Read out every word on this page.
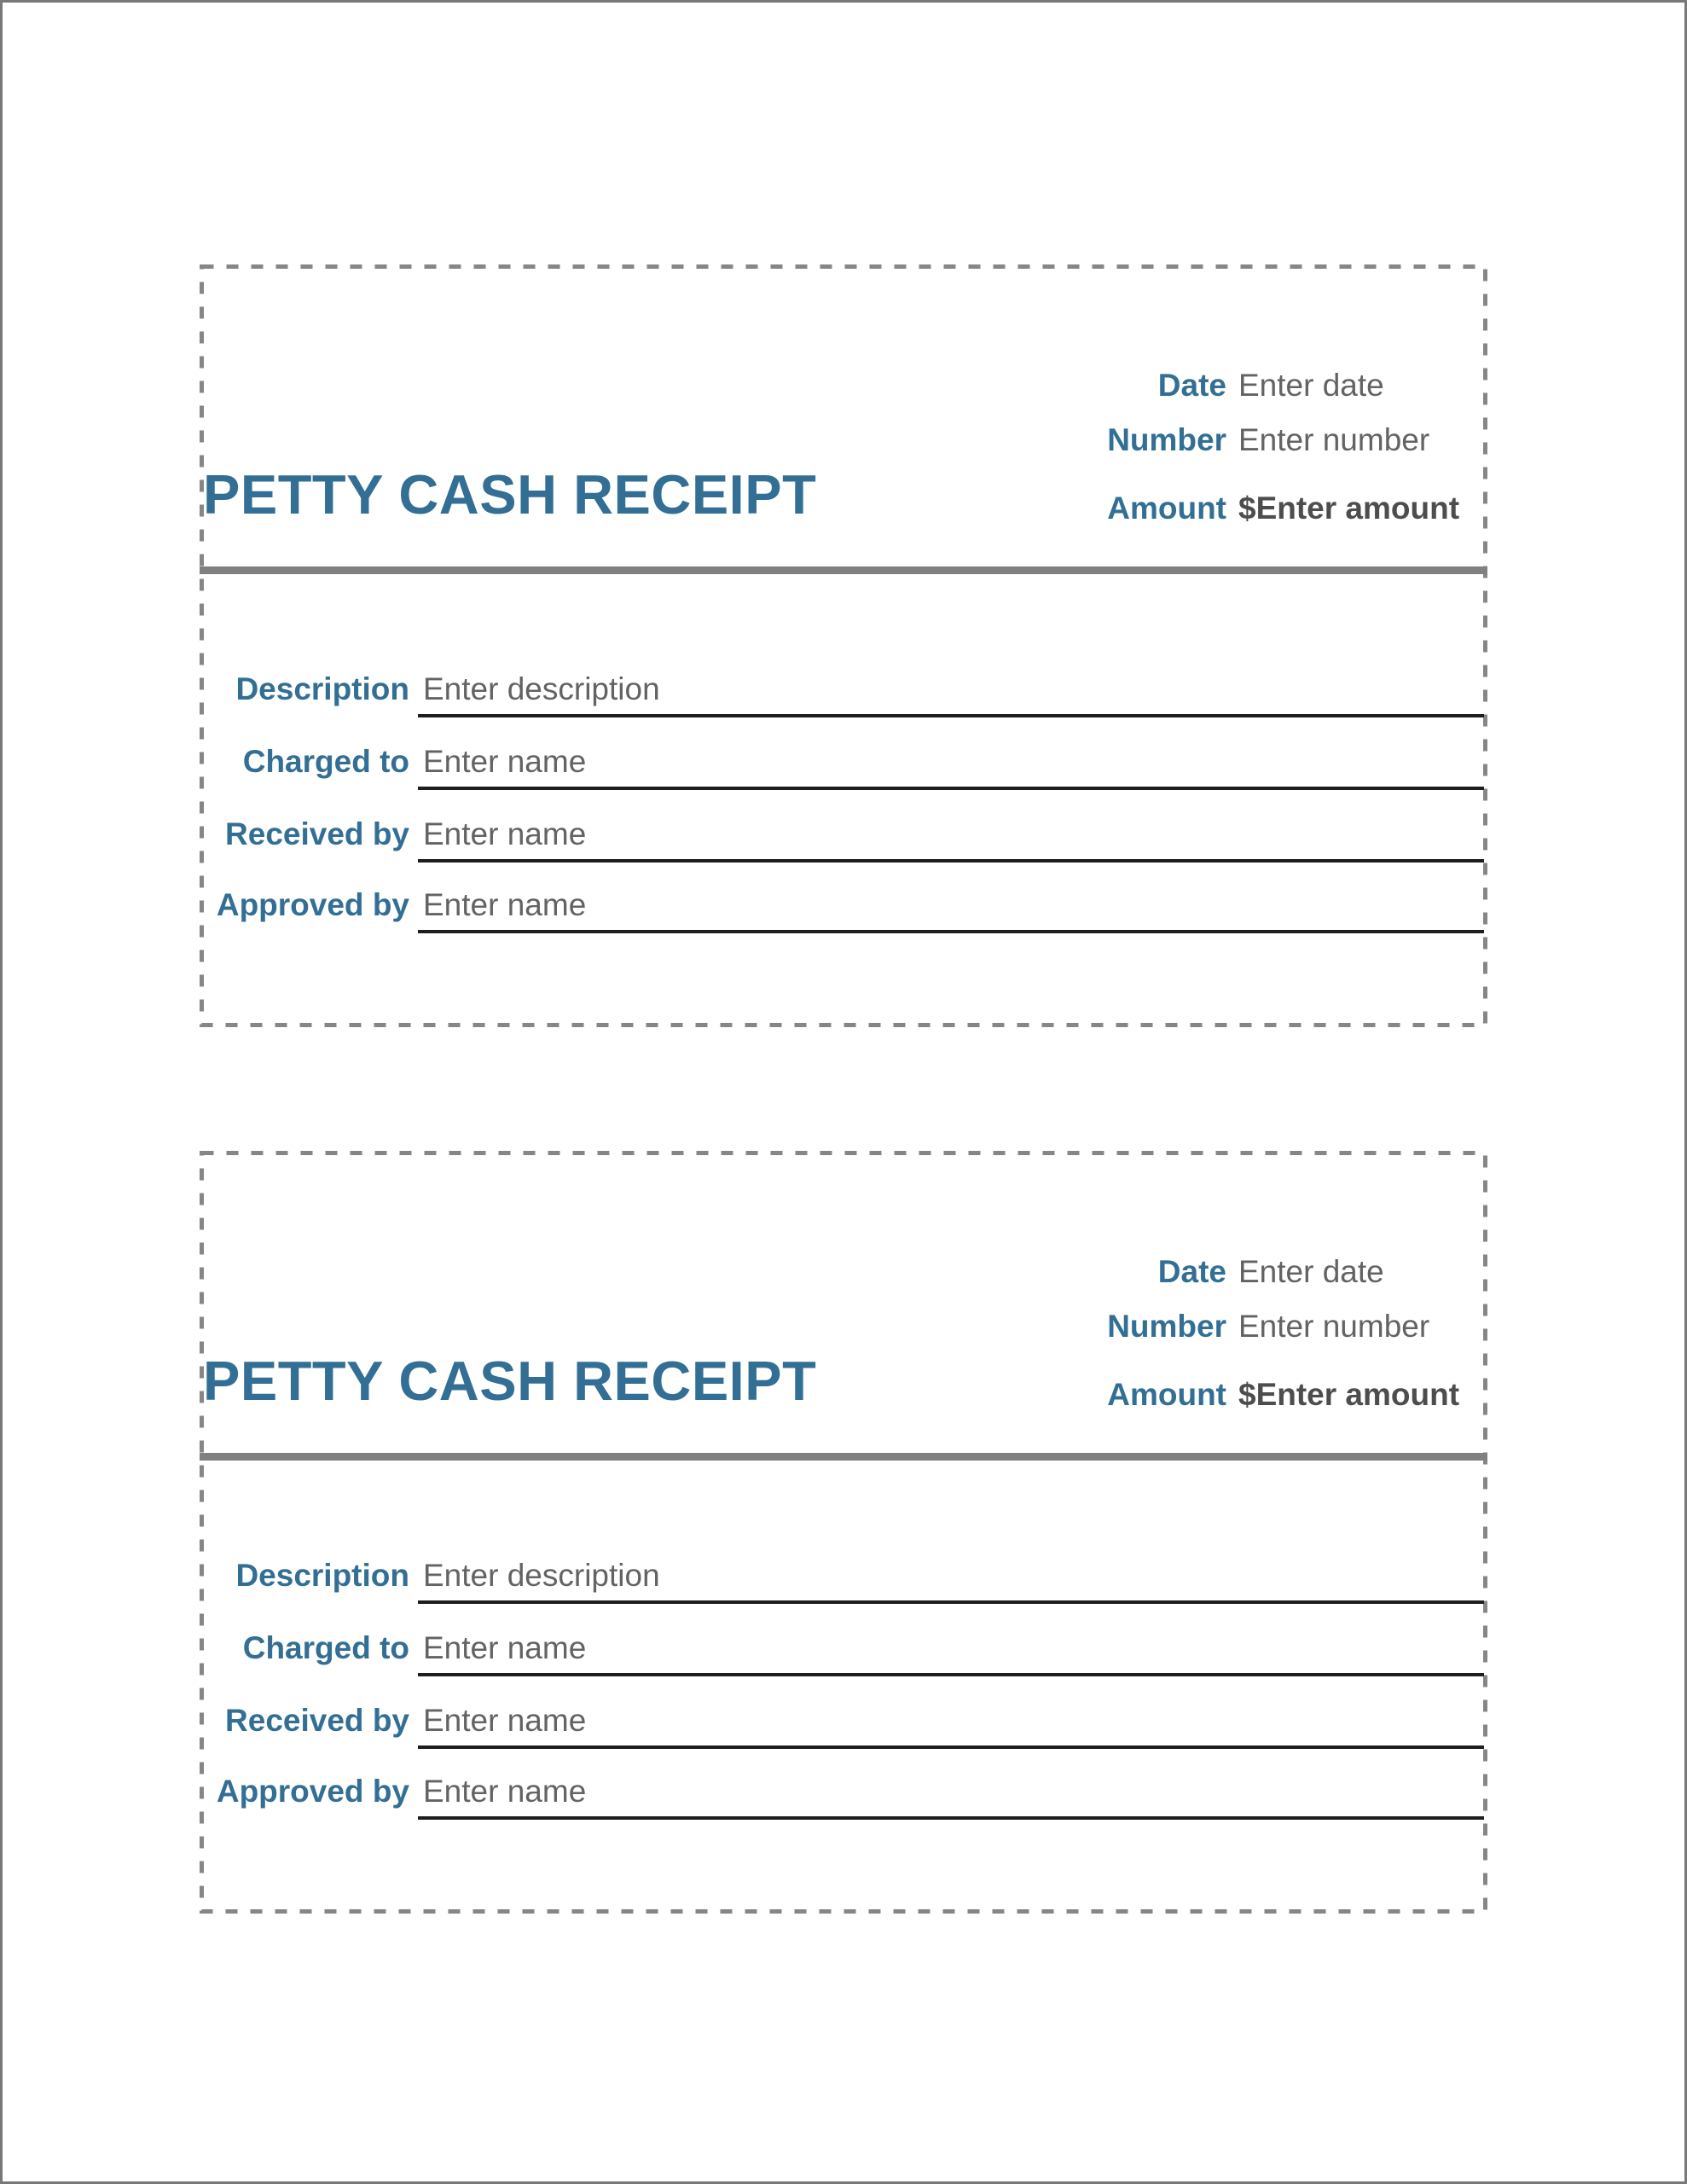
PETTY CASH RECEIPT
Date Enter date
Number Enter number
Amount $Enter amount
Description Enter description
Charged to Enter name
Received by Enter name
Approved by Enter name
PETTY CASH RECEIPT
Date Enter date
Number Enter number
Amount $Enter amount
Description Enter description
Charged to Enter name
Received by Enter name
Approved by Enter name
